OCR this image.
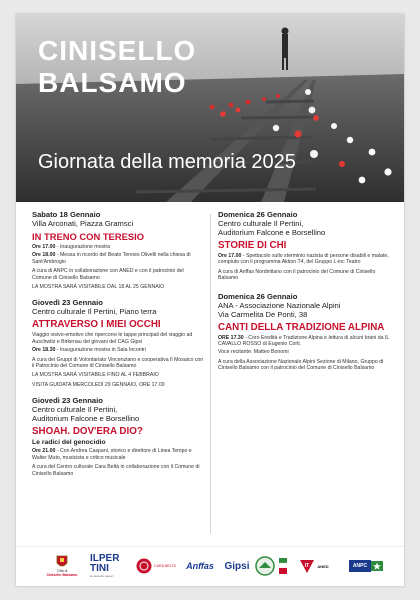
CINISELLO
BALSAMO
Giornata della memoria 2025
Sabato 18 Gennaio
Villa Arconati, Piazza Gramsci
IN TRENO CON TERESIO
Ore 17.00 - Inaugurazione mostra
Ore 18.00 - Messa in ricordo del Beato Teresio Olivelli nella chiesa di Sant'Ambrogio
A cura di ANPC in collaborazione con ANED e con il patrocinio del Comune di Cinisello Balsamo
LA MOSTRA SARÀ VISITABILE DAL 18 AL 25 GENNAIO
Giovedì 23 Gennaio
Centro culturale Il Pertini, Piano terra
ATTRAVERSO I MIEI OCCHI
Viaggio visivo-emotivo che ripercorre le tappe principali del viaggio ad Auschwitz e Birkenau dei giovani del CAG Gipsi
Ore 18.30 - Inaugurazione mostra in Sala Incontri
A cura dei Gruppi di Volontariato Vincenziano e cooperativa Il Mosaico con il Patrocinio del Comune di Cinisello Balsamo
LA MOSTRA SARÀ VISITABILE FINO AL 4 FEBBRAIO
VISITA GUIDATA MERCOLEDÌ 29 GENNAIO, ORE 17.00
Giovedì 23 Gennaio
Centro culturale Il Pertini,
Auditorium Falcone e Borsellino
SHOAH. DOV'ERA DIO?
Le radici del genocidio
Ore 21.00 - Con Andrea Caspani, storico e direttore di Linea Tempo e Walter Muto, musicista e critico musicale
A cura del Centro culturale Cara Beltà in collaborazione con il Comune di Cinisello Balsamo
Domenica 26 Gennaio
Centro culturale Il Pertini,
Auditorium Falcone e Borsellino
STORIE DI CHI
Ore 17.00 - Spettacolo sullo sterminio nazista di persone disabili e malate, compiuto con il programma Aktion T4, del Gruppo L-inc Teatro
A cura di Anffas Nordmilano con il patrocinio del Comune di Cinisello Balsamo
Domenica 26 Gennaio
ANA - Associazione Nazionale Alpini
Via Carmelita De Ponti, 38
CANTI DELLA TRADIZIONE ALPINA
ORE 17.30 - Coro Eredità e Tradizione Alpina e lettura di alcuni brani da IL CAVALLO ROSSO di Eugenio Corti.
Voce recitante: Matteo Bonomi
A cura della Associazione Nazionale Alpini Sezione di Milano, Gruppo di Cinisello Balsamo con il patrocinio del Comune di Cinisello Balsamo
Città di
Cinisello Balsamo
ILPER
TINI
la casa dei saperi
CARA BELTÀ Anffas Gipsi	IT ANED	ANPC
